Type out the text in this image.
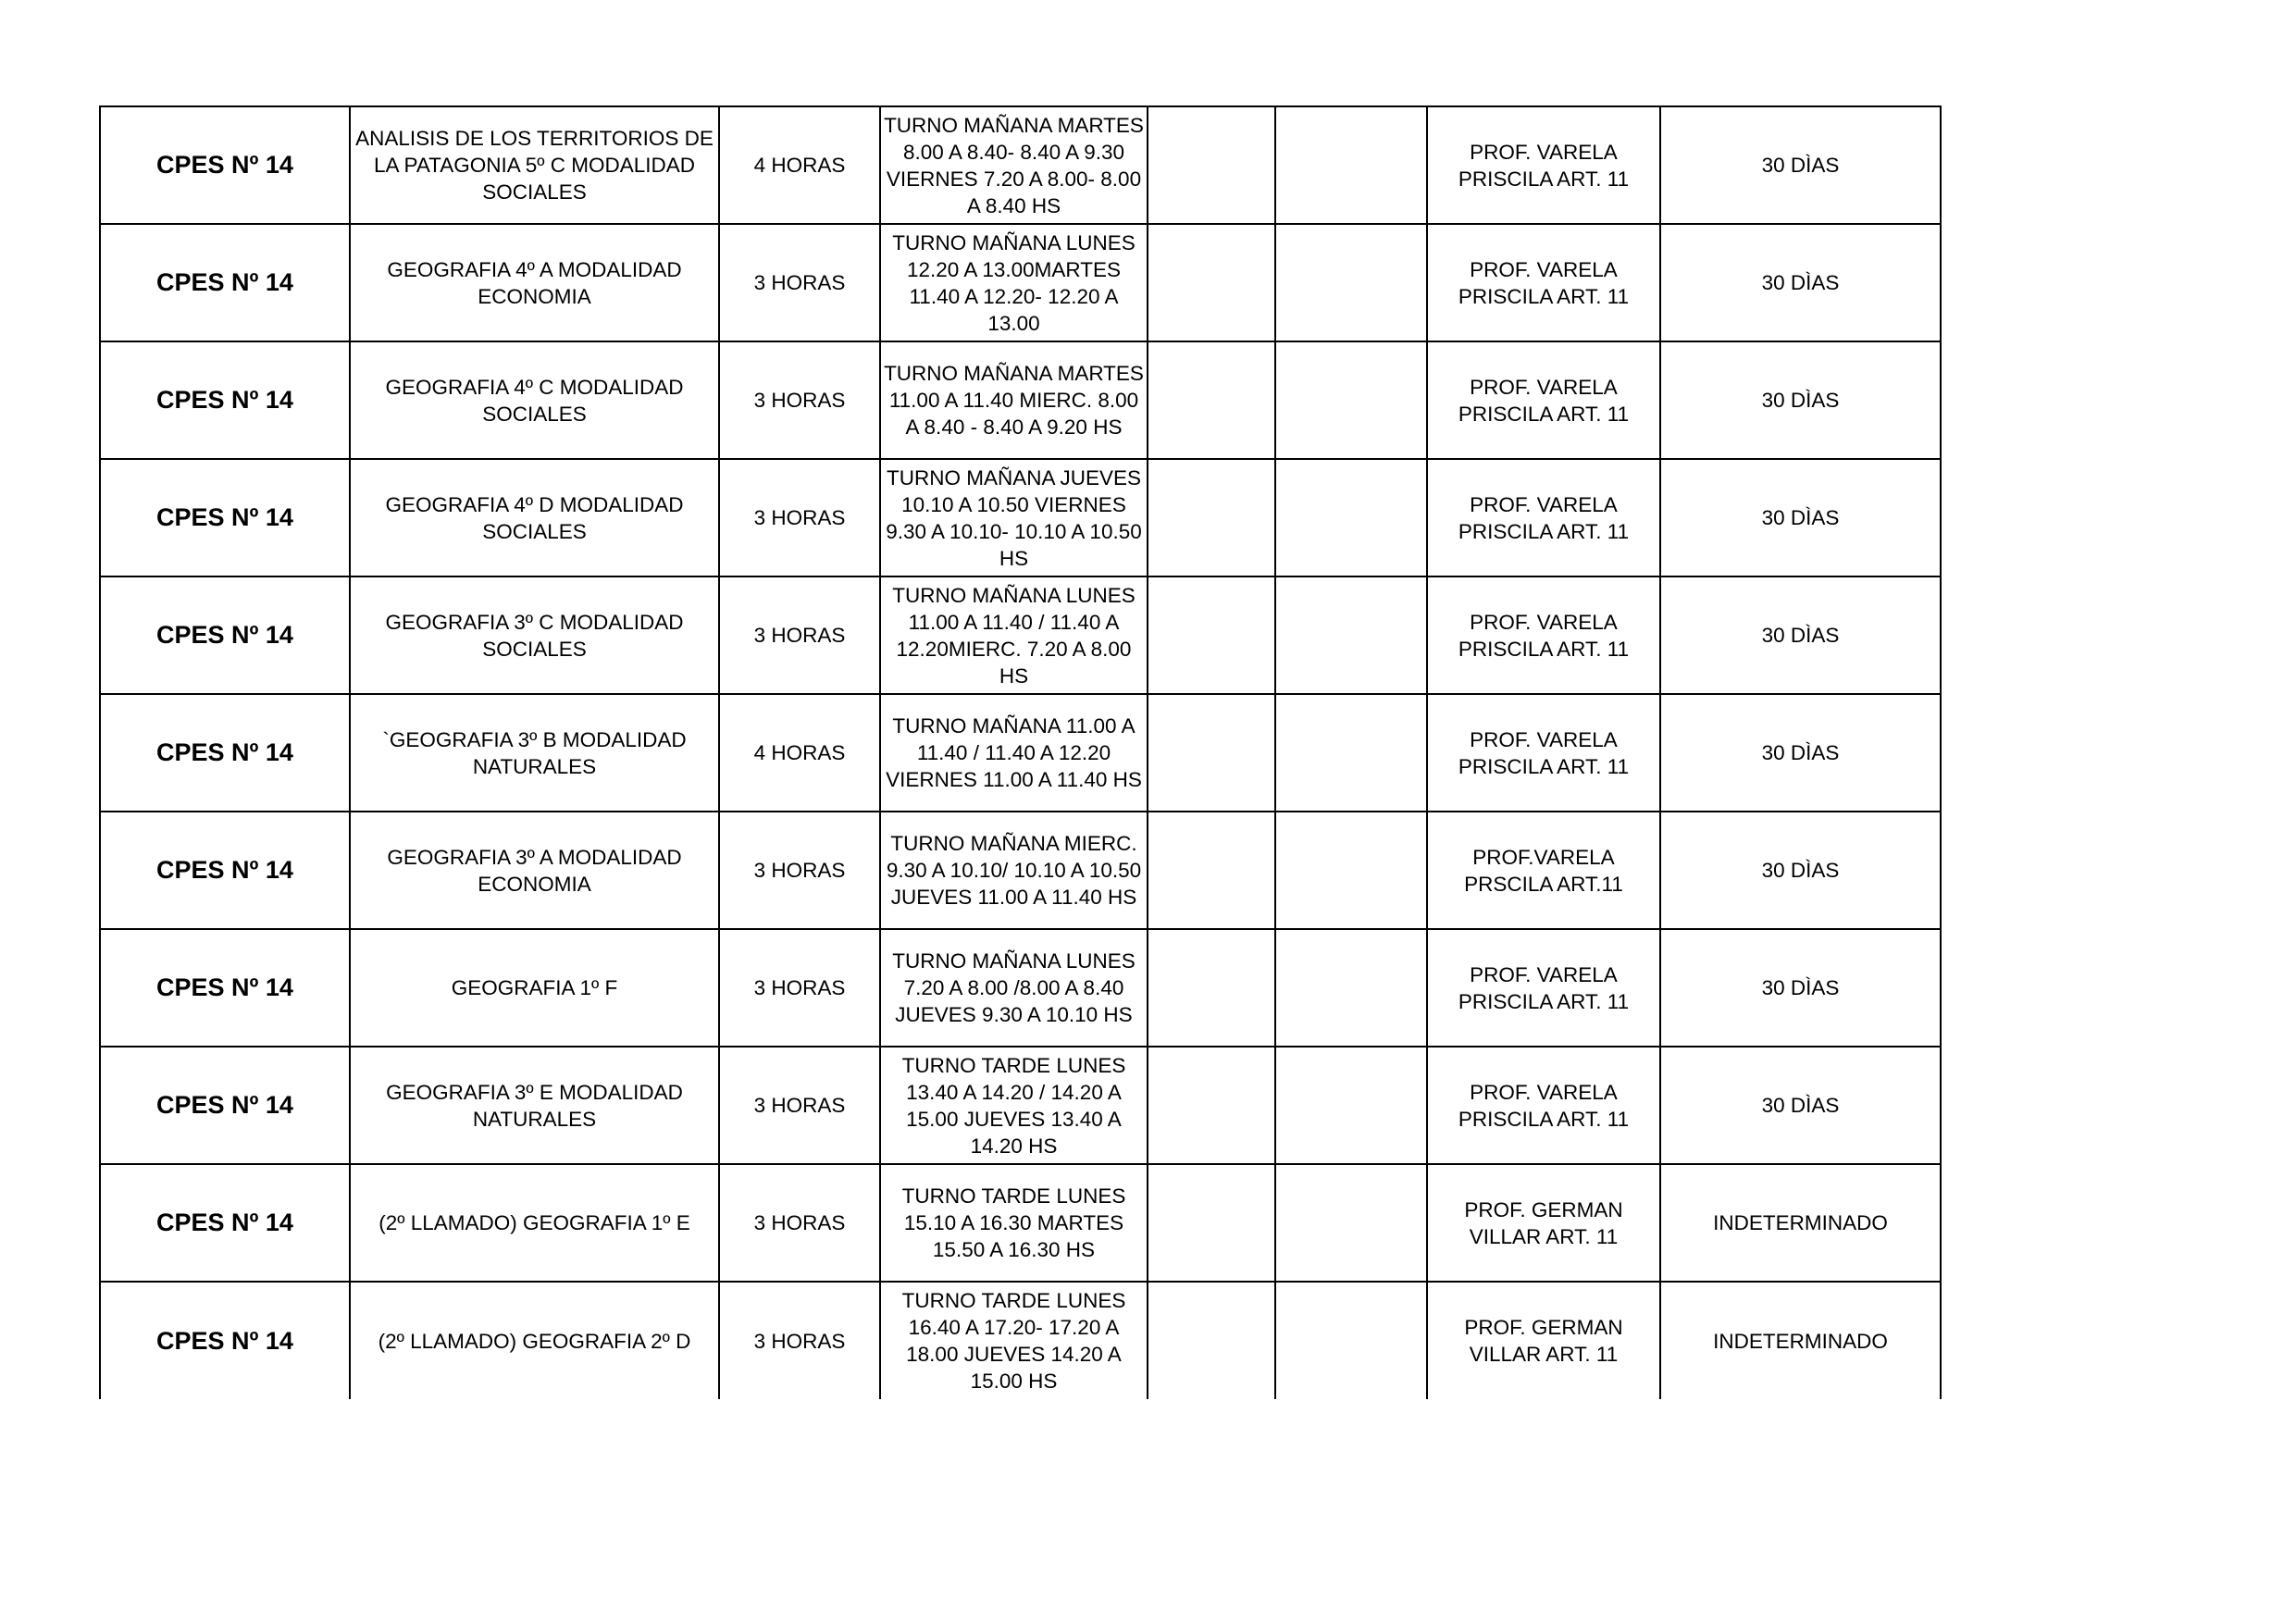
CPES Nº 14	ANALISIS DE LOS TERRITORIOS DE LA PATAGONIA 5º C MODALIDAD SOCIALES	4 HORAS	TURNO MAÑANA MARTES 8.00 A 8.40- 8.40 A 9.30 VIERNES 7.20 A 8.00- 8.00 A 8.40 HS			PROF. VARELA PRISCILA ART. 11	30 DÌAS

CPES Nº 14	GEOGRAFIA 4º A MODALIDAD ECONOMIA	3 HORAS	TURNO MAÑANA LUNES 12.20 A 13.00MARTES 11.40 A 12.20- 12.20 A 13.00			PROF. VARELA PRISCILA ART. 11	30 DÌAS

CPES Nº 14	GEOGRAFIA 4º C MODALIDAD SOCIALES	3 HORAS	TURNO MAÑANA MARTES 11.00 A 11.40 MIERC. 8.00 A 8.40 - 8.40 A 9.20 HS			PROF. VARELA PRISCILA ART. 11	30 DÌAS

CPES Nº 14	GEOGRAFIA 4º D MODALIDAD SOCIALES	3 HORAS	TURNO MAÑANA JUEVES 10.10 A 10.50 VIERNES 9.30 A 10.10- 10.10 A 10.50 HS			PROF. VARELA PRISCILA ART. 11	30 DÌAS

CPES Nº 14	GEOGRAFIA 3º C MODALIDAD SOCIALES	3 HORAS	TURNO MAÑANA LUNES 11.00 A 11.40 / 11.40 A 12.20MIERC. 7.20 A 8.00 HS			PROF. VARELA PRISCILA ART. 11	30 DÌAS

CPES Nº 14	`GEOGRAFIA 3º B MODALIDAD NATURALES	4 HORAS	TURNO MAÑANA 11.00 A 11.40 / 11.40 A 12.20 VIERNES 11.00 A 11.40 HS			PROF. VARELA PRISCILA ART. 11	30 DÌAS

CPES Nº 14	GEOGRAFIA 3º A MODALIDAD ECONOMIA	3 HORAS	TURNO MAÑANA MIERC. 9.30 A 10.10/ 10.10 A 10.50 JUEVES 11.00 A 11.40 HS			PROF.VARELA PRSCILA ART.11	30 DÌAS

CPES Nº 14	GEOGRAFIA 1º F	3 HORAS	TURNO MAÑANA LUNES 7.20 A 8.00 /8.00 A 8.40 JUEVES 9.30 A 10.10 HS			PROF. VARELA PRISCILA ART. 11	30 DÌAS

CPES Nº 14	GEOGRAFIA 3º E MODALIDAD NATURALES	3 HORAS	TURNO TARDE LUNES 13.40 A 14.20 / 14.20 A 15.00 JUEVES 13.40 A 14.20 HS			PROF. VARELA PRISCILA ART. 11	30 DÌAS

CPES Nº 14	(2º LLAMADO) GEOGRAFIA 1º E	3 HORAS	TURNO TARDE LUNES 15.10 A 16.30 MARTES 15.50 A 16.30 HS			PROF. GERMAN VILLAR ART. 11	INDETERMINADO

CPES Nº 14	(2º LLAMADO) GEOGRAFIA 2º D	3 HORAS	TURNO TARDE LUNES 16.40 A 17.20- 17.20 A 18.00 JUEVES 14.20 A 15.00 HS			PROF. GERMAN VILLAR ART. 11	INDETERMINADO
